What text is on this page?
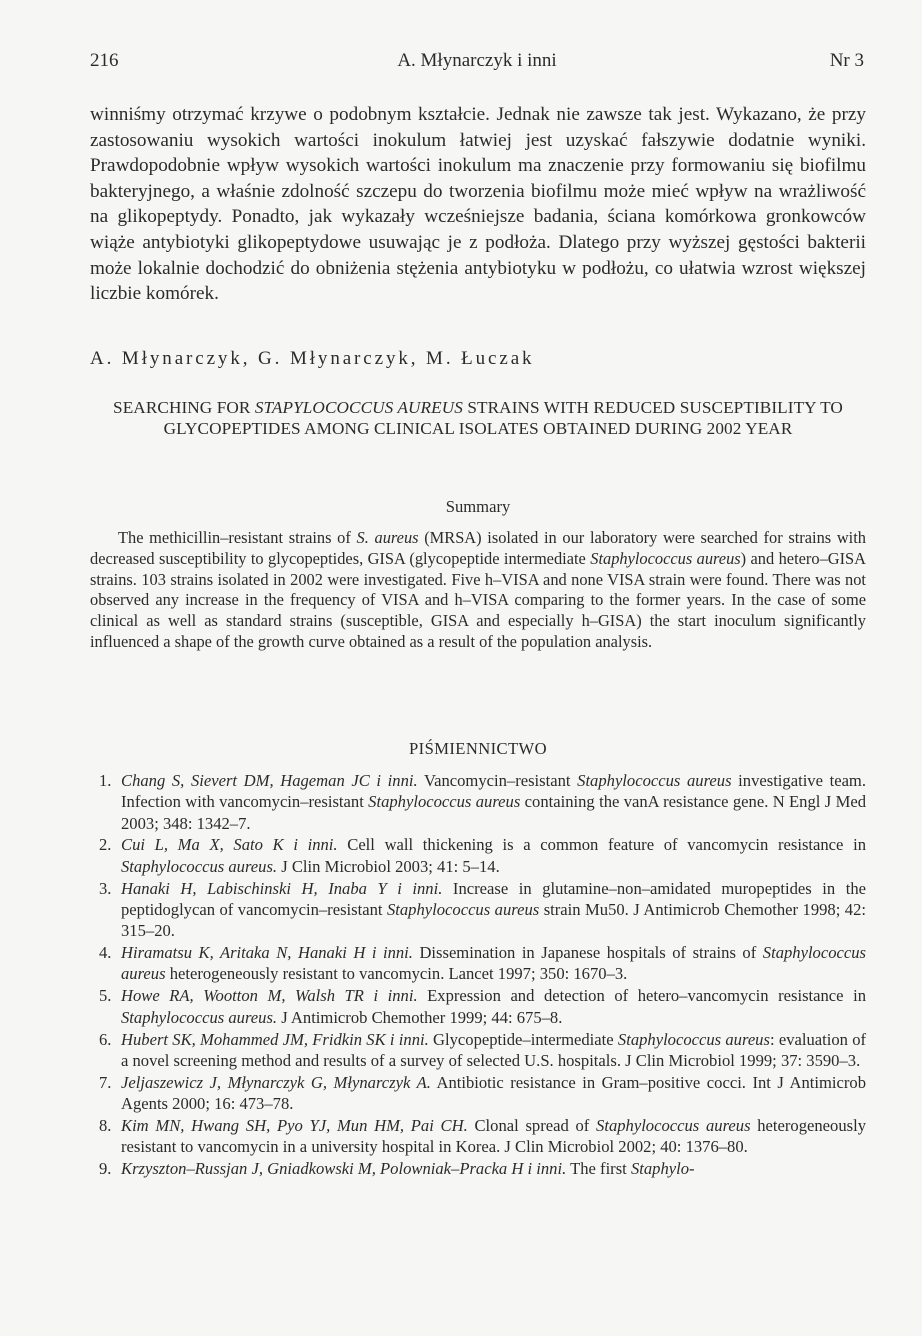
216	A. Młynarczyk i inni	Nr 3

winniśmy otrzymać krzywe o podobnym kształcie. Jednak nie zawsze tak jest. Wykazano, że przy zastosowaniu wysokich wartości inokulum łatwiej jest uzyskać fałszywie dodatnie wyniki. Prawdopodobnie wpływ wysokich wartości inokulum ma znaczenie przy formowaniu się biofilmu bakteryjnego, a właśnie zdolność szczepu do tworzenia biofilmu może mieć wpływ na wrażliwość na glikopeptydy. Ponadto, jak wykazały wcześniejsze badania, ściana komórkowa gronkowców wiąże antybiotyki glikopeptydowe usuwając je z podłoża. Dlatego przy wyższej gęstości bakterii może lokalnie dochodzić do obniżenia stężenia antybiotyku w podłożu, co ułatwia wzrost większej liczbie komórek.

A. Młynarczyk, G. Młynarczyk, M. Łuczak
SEARCHING FOR STAPYLOCOCCUS AUREUS STRAINS WITH REDUCED SUSCEPTIBILITY TO GLYCOPEPTIDES AMONG CLINICAL ISOLATES OBTAINED DURING 2002 YEAR
Summary

The methicillin–resistant strains of S. aureus (MRSA) isolated in our laboratory were searched for strains with decreased susceptibility to glycopeptides, GISA (glycopeptide intermediate Staphylococcus aureus) and hetero–GISA strains. 103 strains isolated in 2002 were investigated. Five h–VISA and none VISA strain were found. There was not observed any increase in the frequency of VISA and h–VISA comparing to the former years. In the case of some clinical as well as standard strains (susceptible, GISA and especially h–GISA) the start inoculum significantly influenced a shape of the growth curve obtained as a result of the population analysis.

PIŚMIENNICTWO
1. Chang S, Sievert DM, Hageman JC i inni. Vancomycin–resistant Staphylococcus aureus investigative team. Infection with vancomycin–resistant Staphylococcus aureus containing the vanA resistance gene. N Engl J Med 2003; 348: 1342–7.
2. Cui L, Ma X, Sato K i inni. Cell wall thickening is a common feature of vancomycin resistance in Staphylococcus aureus. J Clin Microbiol 2003; 41: 5–14.
3. Hanaki H, Labischinski H, Inaba Y i inni. Increase in glutamine–non–amidated muropeptides in the peptidoglycan of vancomycin–resistant Staphylococcus aureus strain Mu50. J Antimicrob Chemother 1998; 42: 315–20.
4. Hiramatsu K, Aritaka N, Hanaki H i inni. Dissemination in Japanese hospitals of strains of Staphylococcus aureus heterogeneously resistant to vancomycin. Lancet 1997; 350: 1670–3.
5. Howe RA, Wootton M, Walsh TR i inni. Expression and detection of hetero–vancomycin resistance in Staphylococcus aureus. J Antimicrob Chemother 1999; 44: 675–8.
6. Hubert SK, Mohammed JM, Fridkin SK i inni. Glycopeptide–intermediate Staphylococcus aureus: evaluation of a novel screening method and results of a survey of selected U.S. hospitals. J Clin Microbiol 1999; 37: 3590–3.
7. Jeljaszewicz J, Młynarczyk G, Młynarczyk A. Antibiotic resistance in Gram–positive cocci. Int J Antimicrob Agents 2000; 16: 473–78.
8. Kim MN, Hwang SH, Pyo YJ, Mun HM, Pai CH. Clonal spread of Staphylococcus aureus heterogeneously resistant to vancomycin in a university hospital in Korea. J Clin Microbiol 2002; 40: 1376–80.
9. Krzyszton–Russjan J, Gniadkowski M, Polowniak–Pracka H i inni. The first Staphylo-
